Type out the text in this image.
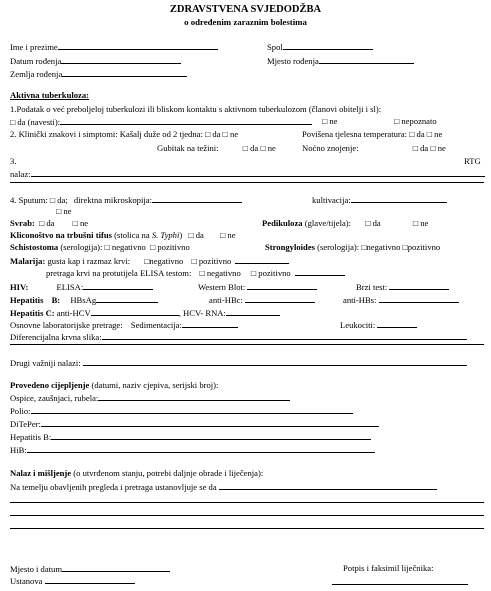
ZDRAVSTVENA SVJEDODŽBA
o određenim zaraznim bolestima
Ime i prezime	Spol
Datum rođenja	Mjesto rođenja
Zemlja rođenja
Aktivna tuberkuloza:
1.Podatak o već preboljeloj tuberkulozi ili bliskom kontaktu s aktivnom tuberkulozom (članovi obitelji i sl):
□ da (navesti): □	ne □	nepoznato
2. Klinički znakovi i simptomi: Kašalj duže od 2 tjedna: □ da □ ne	Povišena tjelesna temperatura: □ da □ ne
Gubitak na težini: □	da □ ne	Noćno znojenje: □	da □ ne
3.	RTG
nalaz:
4. Sputum: □ da; direktna mikroskopija:	kultivacija:
□ ne
Svrab: □ da □	ne	Pedikuloza (glave/tijela): □	da □	ne
Kliconoštvo na trbušni tifus (stolica na S. Typhi) □ da □	ne
Schistostoma (serologija): □ negativno □ pozitivno	Strongyloides (serologija): □ negativno □ pozitivno
Malarija: gusta kap i razmaz krvi: □ negativno □ pozitivno
pretraga krvi na protutijela ELISA testom: □ negativno □ pozitivno
HIV:	ELISA:	Western Blot:	Brzi test:
Hepatitis B: HBsAg	anti-HBc:	anti-HBs:
Hepatitis C: anti-HCV	, HCV- RNA:
Osnovne laboratorijske pretrage: Sedimentacija:	Leukociti:
Diferencijalna krvna slika:
Drugi važniji nalazi:
Provedeno cijepljenje (datumi, naziv cjepiva, serijski broj):
Ospice, zaušnjaci, rubela:
Polio:
DiTePer:
Hepatitis B:
HiB:
Nalaz i mišljenje (o utvrđenom stanju, potrebi daljnje obrade i liječenja):
Na temelju obavljenih pregleda i pretraga ustanovljuje se da
Mjesto i datum	Potpis i faksimil liječnika:
Ustanova
